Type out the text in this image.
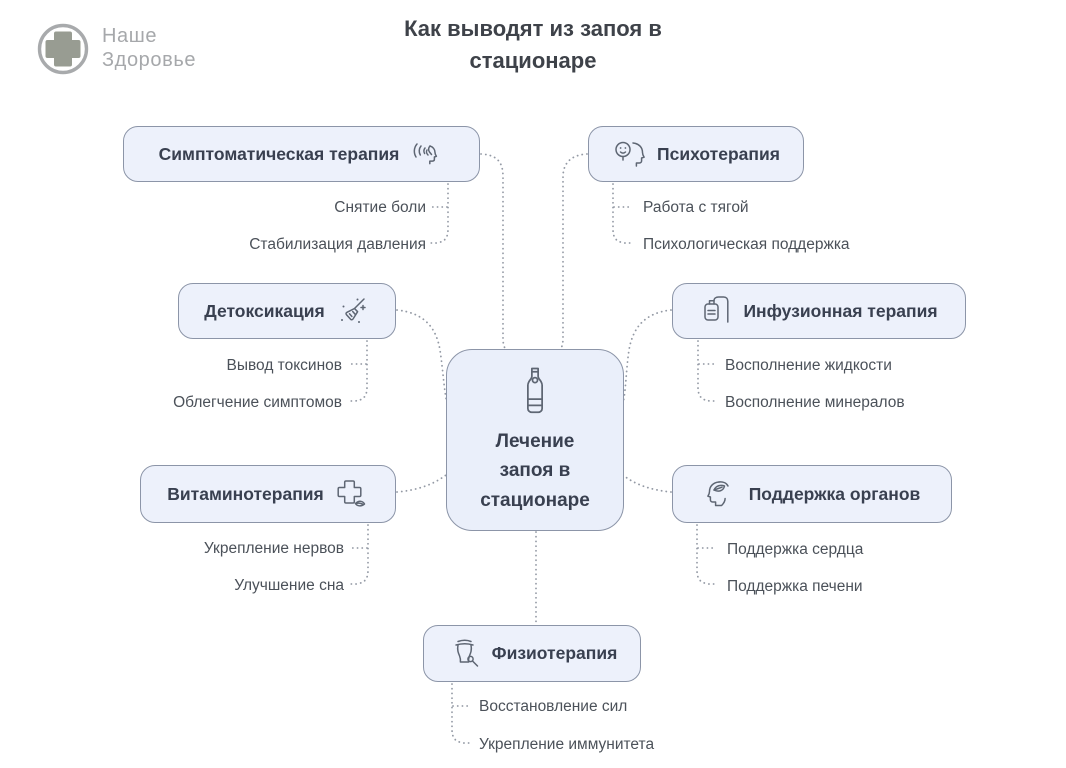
Наше
Здоровье
Как выводят из запоя в стационаре
Симптоматическая терапия
Снятие боли
Стабилизация давления
Психотерапия
Работа с тягой
Психологическая поддержка
Детоксикация
Вывод токсинов
Облегчение симптомов
Инфузионная терапия
Восполнение жидкости
Восполнение минералов
Лечение
запоя в
стационаре
Витаминотерапия
Укрепление нервов
Улучшение сна
Поддержка органов
Поддержка сердца
Поддержка печени
Физиотерапия
Восстановление сил
Укрепление иммунитета
